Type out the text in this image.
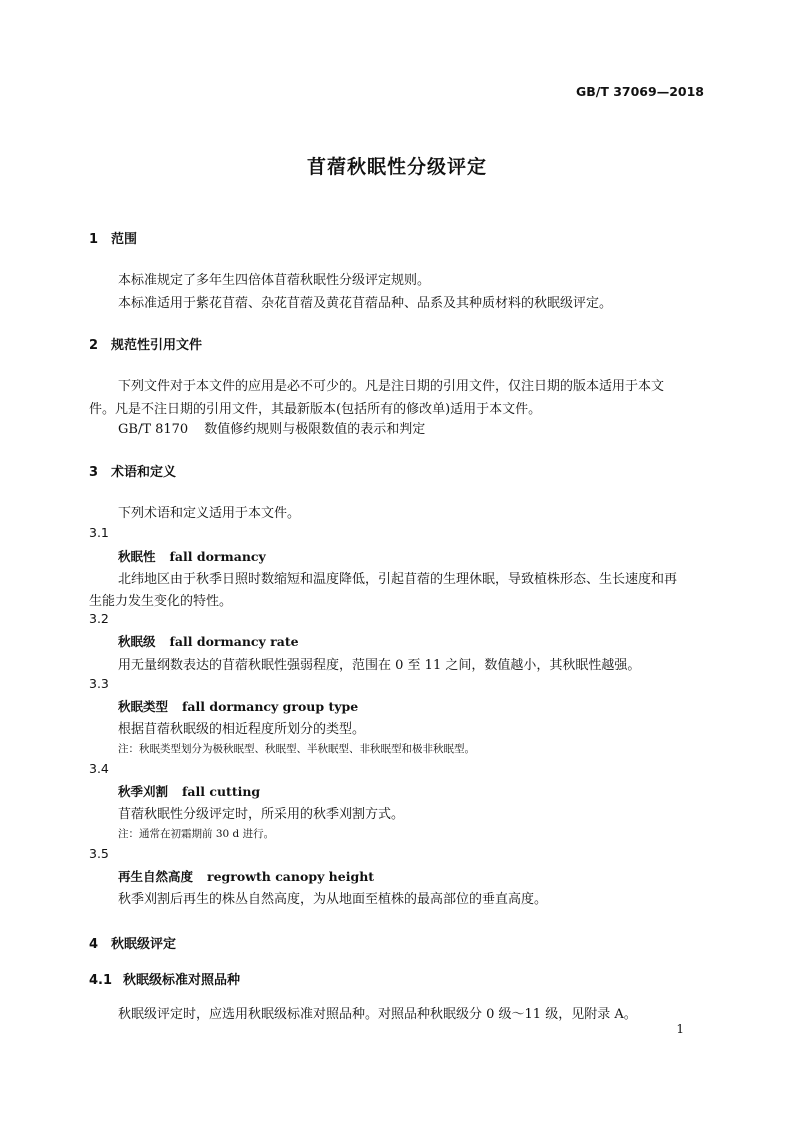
GB/T 37069—2018
苜蓿秋眠性分级评定
1 范围
本标准规定了多年生四倍体苜蓿秋眠性分级评定规则。
本标准适用于紫花苜蓿、杂花苜蓿及黄花苜蓿品种、品系及其种质材料的秋眠级评定。
2 规范性引用文件
下列文件对于本文件的应用是必不可少的。凡是注日期的引用文件，仅注日期的版本适用于本文
件。凡是不注日期的引用文件，其最新版本(包括所有的修改单)适用于本文件。
GB/T 8170 数值修约规则与极限数值的表示和判定
3 术语和定义
下列术语和定义适用于本文件。
3.1
秋眠性 fall dormancy
北纬地区由于秋季日照时数缩短和温度降低，引起苜蓿的生理休眠，导致植株形态、生长速度和再
生能力发生变化的特性。
3.2
秋眠级 fall dormancy rate
用无量纲数表达的苜蓿秋眠性强弱程度，范围在 0 至 11 之间，数值越小，其秋眠性越强。
3.3
秋眠类型 fall dormancy group type
根据苜蓿秋眠级的相近程度所划分的类型。
注：秋眠类型划分为极秋眠型、秋眠型、半秋眠型、非秋眠型和极非秋眠型。
3.4
秋季刈割 fall cutting
苜蓿秋眠性分级评定时，所采用的秋季刈割方式。
注：通常在初霜期前 30 d 进行。
3.5
再生自然高度 regrowth canopy height
秋季刈割后再生的株丛自然高度，为从地面至植株的最高部位的垂直高度。
4 秋眠级评定
4.1 秋眠级标准对照品种
秋眠级评定时，应选用秋眠级标准对照品种。对照品种秋眠级分 0 级～11 级，见附录 A。
1
